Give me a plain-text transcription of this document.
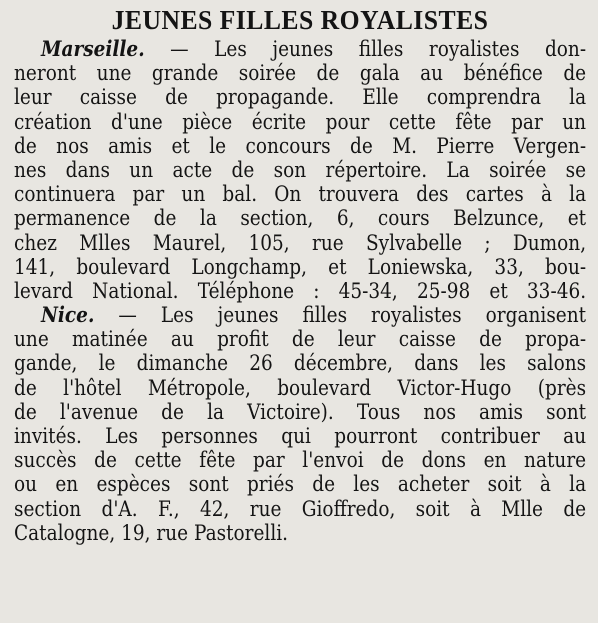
JEUNES FILLES ROYALISTES
Marseille. — Les jeunes filles royalistes don-
neront une grande soirée de gala au bénéfice de
leur caisse de propagande. Elle comprendra la
création d'une pièce écrite pour cette fête par un
de nos amis et le concours de M. Pierre Vergen-
nes dans un acte de son répertoire. La soirée se
continuera par un bal. On trouvera des cartes à la
permanence de la section, 6, cours Belzunce, et
chez Mlles Maurel, 105, rue Sylvabelle ; Dumon,
141, boulevard Longchamp, et Loniewska, 33, bou-
levard National. Téléphone : 45-34, 25-98 et 33-46.
Nice. — Les jeunes filles royalistes organisent
une matinée au profit de leur caisse de propa-
gande, le dimanche 26 décembre, dans les salons
de l'hôtel Métropole, boulevard Victor-Hugo (près
de l'avenue de la Victoire). Tous nos amis sont
invités. Les personnes qui pourront contribuer au
succès de cette fête par l'envoi de dons en nature
ou en espèces sont priés de les acheter soit à la
section d'A. F., 42, rue Gioffredo, soit à Mlle de
Catalogne, 19, rue Pastorelli.
